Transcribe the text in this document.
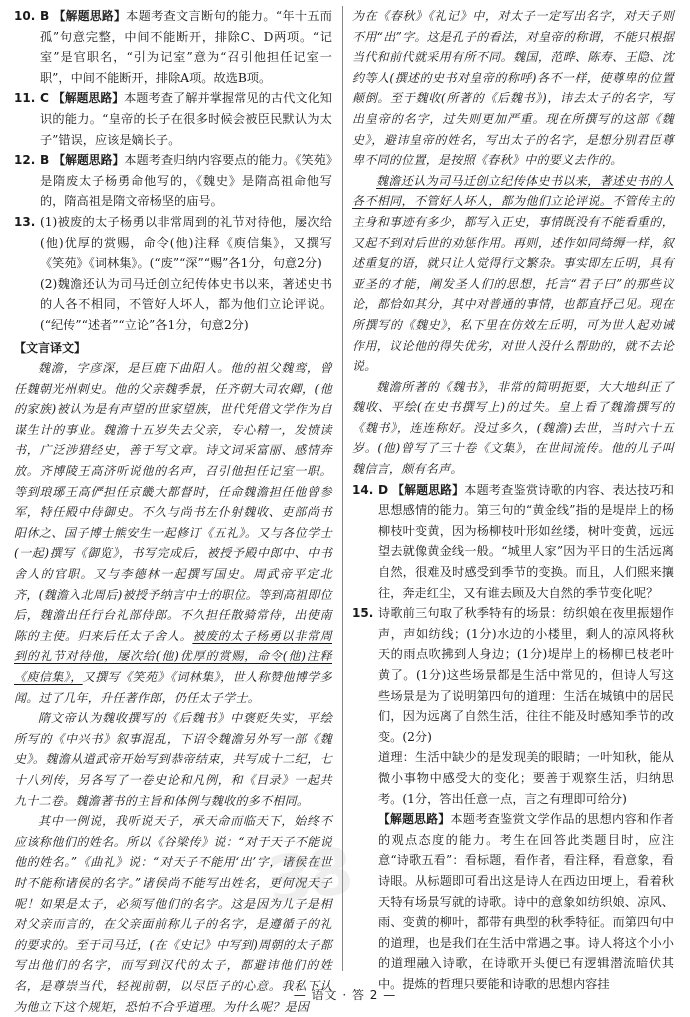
10. B 【解题思路】本题考查文言断句的能力。“年十五而孤”句意完整，中间不能断开，排除C、D两项。“记室”是官职名，“引为记室”意为“召引他担任记室一职”，中间不能断开，排除A项。故选B项。

11. C 【解题思路】本题考查了解并掌握常见的古代文化知识的能力。“皇帝的长子在很多时候会被臣民默认为太子”错误，应该是嫡长子。

12. B 【解题思路】本题考查归纳内容要点的能力。《笑苑》是隋废太子杨勇命他写的，《魏史》是隋高祖命他写的，隋高祖是隋文帝杨坚的庙号。

13. (1)被废的太子杨勇以非常周到的礼节对待他，屡次给(他)优厚的赏赐，命令(他)注释《庾信集》，又撰写《笑苑》《词林集》。(“废”“深”“赐”各1分，句意2分)

(2)魏澹还认为司马迁创立纪传体史书以来，著述史书的人各不相同，不管好人坏人，都为他们立论评说。(“纪传”“述者”“立论”各1分，句意2分)

【文言译文】

魏澹，字彦深，是巨鹿下曲阳人。他的祖父魏鸾，曾任魏朝光州刺史。他的父亲魏季景，任齐朝大司农卿，(他的家族)被认为是有声望的世家望族，世代凭借文学作为自谋生计的事业。魏澹十五岁失去父亲，专心精一，发愤读书，广泛涉猎经史，善于写文章。诗文词采富丽、感情奔放。齐博陵王高济听说他的名声，召引他担任记室一职。等到琅琊王高俨担任京畿大都督时，任命魏澹担任他曾参军，特任殿中侍御史。不久与尚书左仆射魏收、吏部尚书阳休之、国子博士熊安生一起修订《五礼》。又与各位学士(一起)撰写《御览》，书写完成后，被授予殿中郎中、中书舍人的官职。又与李德林一起撰写国史。周武帝平定北齐，(魏澹入北周后)被授予纳言中士的职位。等到高祖即位后，魏澹出任行台礼部侍郎。不久担任散骑常侍，出使南陈的主使。归来后任太子舍人。被废的太子杨勇以非常周到的礼节对待他，屡次给(他)优厚的赏赐，命令(他)注释《庾信集》，又撰写《笑苑》《词林集》，世人称赞他博学多闻。过了几年，升任著作郎，仍任太子学士。

隋文帝认为魏收撰写的《后魏书》中褒贬失实，平绘所写的《中兴书》叙事混乱，下诏令魏澹另外写一部《魏史》。魏澹从道武帝开始写到恭帝结束，共写成十二纪，七十八列传，另各写了一卷史论和凡例，和《目录》一起共九十二卷。魏澹著书的主旨和体例与魏收的多不相同。

其中一例说，我听说天子，承天命而临天下，始终不应该称他们的姓名。所以《谷梁传》说：“对于天子不能说他的姓名。”《曲礼》说：“对天子不能用‘出’字，诸侯在世时不能称诸侯的名字。”诸侯尚不能写出姓名，更何况天子呢！如果是太子，必须写他们的名字。这是因为儿子是相对父亲而言的，在父亲面前称儿子的名字，是遵循子的礼的要求的。至于司马迁，(在《史记》中写到)周朝的太子都写出他们的名字，而写到汉代的太子，都避讳他们的姓名，是尊崇当代，轻视前朝，以尽臣子的心意。我私下认为他立下这个规矩，恐怕不合乎道理。为什么呢？是因

为在《春秋》《礼记》中，对太子一定写出名字，对天子则不用“出”字。这是孔子的看法，对皇帝的称谓，不能只根据当代和前代就采用有所不同。魏国，范晔、陈寿、王隐、沈约等人(撰述的史书对皇帝的称呼)各不一样，使尊卑的位置颠倒。至于魏收(所著的《后魏书》)，讳去太子的名字，写出皇帝的名字，过失则更加严重。现在所撰写的这部《魏史》，避讳皇帝的姓名，写出太子的名字，是想分别君臣尊卑不同的位置，是按照《春秋》中的要义去作的。

魏澹还认为司马迁创立纪传体史书以来，著述史书的人各不相同，不管好人坏人，都为他们立论评说。不管传主的主身和事迹有多少，都写入正史，事情既没有不能看重的，又起不到对后世的劝惩作用。再则，述作如同绮缛一样，叙述重复的语，就只让人觉得行文繁杂。事实即左丘明，具有亚圣的才能，阐发圣人们的思想，托言“君子曰”的那些议论，都恰如其分，其中对普通的事情，也都直抒己见。现在所撰写的《魏史》，私下里在仿效左丘明，可为世人起劝诫作用，议论他的得失优劣，对世人没什么帮助的，就不去论说。

魏澹所著的《魏书》，非常的简明扼要，大大地纠正了魏收、平绘(在史书撰写上)的过失。皇上看了魏澹撰写的《魏书》，连连称好。没过多久，(魏澹)去世，当时六十五岁。(他)曾写了三十卷《文集》，在世间流传。他的儿子叫魏信言，颇有名声。

14. D 【解题思路】本题考查鉴赏诗歌的内容、表达技巧和思想感情的能力。第三句的“黄金线”指的是堤岸上的杨柳枝叶变黄，因为杨柳枝叶形如丝缕，树叶变黄，远远望去就像黄金线一般。“城里人家”因为平日的生活远离自然，很难及时感受到季节的变换。而且，人们熙来攘往，奔走红尘，又有谁去顾及大自然的季节变化呢？

15. 诗歌前三句取了秋季特有的场景：纺织娘在夜里振翅作声，声如纺线；(1分)水边的小楼里，剩人的凉风将秋天的雨点吹拂到人身边；(1分)堤岸上的杨柳已枝老叶黄了。(1分)这些场景都是生活中常见的，但诗人写这些场景是为了说明第四句的道理：生活在城镇中的居民们，因为远离了自然生活，往往不能及时感知季节的改变。(2分)

道理：生活中缺少的是发现美的眼睛；一叶知秋，能从微小事物中感受大的变化；要善于观察生活，归纳思考。(1分，答出任意一点，言之有理即可给分)

【解题思路】本题考查鉴赏文学作品的思想内容和作者的观点态度的能力。考生在回答此类题目时，应注意“诗歌五看”：看标题，看作者，看注释，看意象，看诗眼。从标题即可看出这是诗人在西边田埂上，看着秋天特有场景写就的诗歌。诗中的意象如纺织娘、凉风、雨、变黄的柳叶，都带有典型的秋季特征。而第四句中的道理，也是我们在生活中常遇之事。诗人将这个小小的道理融入诗歌，在诗歌开头便已有逻辑潜流暗伏其中。提炼的哲理只要能和诗歌的思想内容挂

38
— 语文 · 答 2 —
